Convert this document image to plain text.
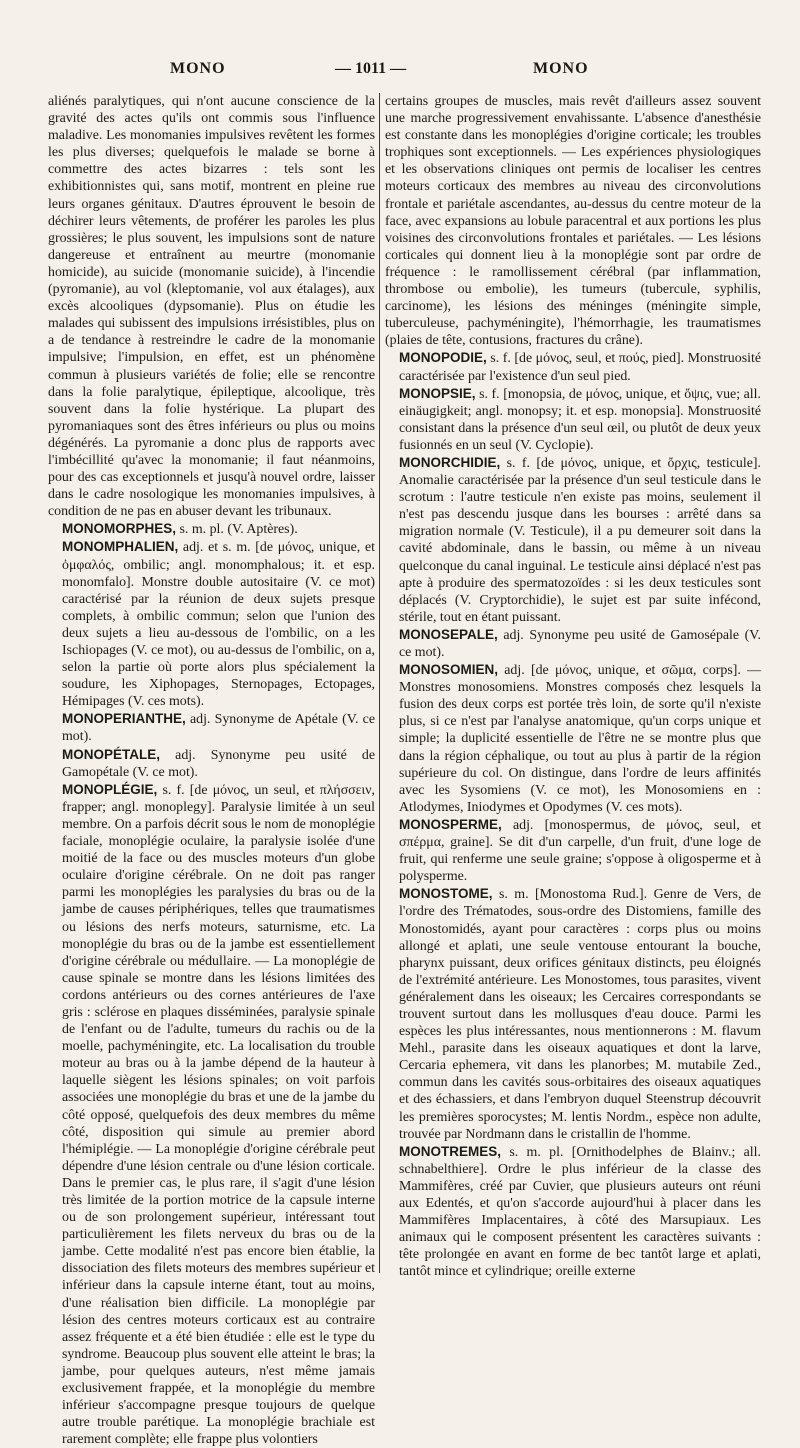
MONO	— 1011 —	MONO

aliénés paralytiques, qui n'ont aucune conscience de la gravité des actes qu'ils ont commis sous l'influence maladive. Les monomanies impulsives revêtent les formes les plus diverses; quelquefois le malade se borne à commettre des actes bizarres : tels sont les exhibitionnistes qui, sans motif, montrent en pleine rue leurs organes génitaux. D'autres éprouvent le besoin de déchirer leurs vêtements, de proférer les paroles les plus grossières; le plus souvent, les impulsions sont de nature dangereuse et entraînent au meurtre (monomanie homicide), au suicide (monomanie suicide), à l'incendie (pyromanie), au vol (kleptomanie, vol aux étalages), aux excès alcooliques (dypsomanie). Plus on étudie les malades qui subissent des impulsions irrésistibles, plus on a de tendance à restreindre le cadre de la monomanie impulsive; l'impulsion, en effet, est un phénomène commun à plusieurs variétés de folie; elle se rencontre dans la folie paralytique, épileptique, alcoolique, très souvent dans la folie hystérique. La plupart des pyromaniaques sont des êtres inférieurs ou plus ou moins dégénérés. La pyromanie a donc plus de rapports avec l'imbécillité qu'avec la monomanie; il faut néanmoins, pour des cas exceptionnels et jusqu'à nouvel ordre, laisser dans le cadre nosologique les monomanies impulsives, à condition de ne pas en abuser devant les tribunaux.

MONOMORPHES, s. m. pl. (V. Aptères).

MONOMPHALIEN, adj. et s. m. [de μόνος, unique, et ὀμφαλός, ombilic; angl. monomphalous; it. et esp. monomfalo]. Monstre double autositaire (V. ce mot) caractérisé par la réunion de deux sujets presque complets, à ombilic commun; selon que l'union des deux sujets a lieu au-dessous de l'ombilic, on a les Ischiopages (V. ce mot), ou au-dessus de l'ombilic, on a, selon la partie où porte alors plus spécialement la soudure, les Xiphopages, Sternopages, Ectopages, Hémipages (V. ces mots).

MONOPERIANTHE, adj. Synonyme de Apétale (V. ce mot).

MONOPÉTALE, adj. Synonyme peu usité de Gamopétale (V. ce mot).

MONOPLÉGIE, s. f. [de μόνος, un seul, et πλήσσειν, frapper; angl. monoplegy]. Paralysie limitée à un seul membre. On a parfois décrit sous le nom de monoplégie faciale, monoplégie oculaire, la paralysie isolée d'une moitié de la face ou des muscles moteurs d'un globe oculaire d'origine cérébrale. On ne doit pas ranger parmi les monoplégies les paralysies du bras ou de la jambe de causes périphériques, telles que traumatismes ou lésions des nerfs moteurs, saturnisme, etc. La monoplégie du bras ou de la jambe est essentiellement d'origine cérébrale ou médullaire. — La monoplégie de cause spinale se montre dans les lésions limitées des cordons antérieurs ou des cornes antérieures de l'axe gris : sclérose en plaques disséminées, paralysie spinale de l'enfant ou de l'adulte, tumeurs du rachis ou de la moelle, pachyméningite, etc. La localisation du trouble moteur au bras ou à la jambe dépend de la hauteur à laquelle siègent les lésions spinales; on voit parfois associées une monoplégie du bras et une de la jambe du côté opposé, quelquefois des deux membres du même côté, disposition qui simule au premier abord l'hémiplégie. — La monoplégie d'origine cérébrale peut dépendre d'une lésion centrale ou d'une lésion corticale. Dans le premier cas, le plus rare, il s'agit d'une lésion très limitée de la portion motrice de la capsule interne ou de son prolongement supérieur, intéressant tout particulièrement les filets nerveux du bras ou de la jambe. Cette modalité n'est pas encore bien établie, la dissociation des filets moteurs des membres supérieur et inférieur dans la capsule interne étant, tout au moins, d'une réalisation bien difficile. La monoplégie par lésion des centres moteurs corticaux est au contraire assez fréquente et a été bien étudiée : elle est le type du syndrome. Beaucoup plus souvent elle atteint le bras; la jambe, pour quelques auteurs, n'est même jamais exclusivement frappée, et la monoplégie du membre inférieur s'accompagne presque toujours de quelque autre trouble parétique. La monoplégie brachiale est rarement complète; elle frappe plus volontiers

certains groupes de muscles, mais revêt d'ailleurs assez souvent une marche progressivement envahissante. L'absence d'anesthésie est constante dans les monoplégies d'origine corticale; les troubles trophiques sont exceptionnels. — Les expériences physiologiques et les observations cliniques ont permis de localiser les centres moteurs corticaux des membres au niveau des circonvolutions frontale et pariétale ascendantes, au-dessus du centre moteur de la face, avec expansions au lobule paracentral et aux portions les plus voisines des circonvolutions frontales et pariétales. — Les lésions corticales qui donnent lieu à la monoplégie sont par ordre de fréquence : le ramollissement cérébral (par inflammation, thrombose ou embolie), les tumeurs (tubercule, syphilis, carcinome), les lésions des méninges (méningite simple, tuberculeuse, pachyméningite), l'hémorrhagie, les traumatismes (plaies de tête, contusions, fractures du crâne).

MONOPODIE, s. f. [de μόνος, seul, et πούς, pied]. Monstruosité caractérisée par l'existence d'un seul pied.

MONOPSIE, s. f. [monopsia, de μόνος, unique, et ὄψις, vue; all. einäugigkeit; angl. monopsy; it. et esp. monopsia]. Monstruosité consistant dans la présence d'un seul œil, ou plutôt de deux yeux fusionnés en un seul (V. Cyclopie).

MONORCHIDIE, s. f. [de μόνος, unique, et ὄρχις, testicule]. Anomalie caractérisée par la présence d'un seul testicule dans le scrotum : l'autre testicule n'en existe pas moins, seulement il n'est pas descendu jusque dans les bourses : arrêté dans sa migration normale (V. Testicule), il a pu demeurer soit dans la cavité abdominale, dans le bassin, ou même à un niveau quelconque du canal inguinal. Le testicule ainsi déplacé n'est pas apte à produire des spermatozoïdes : si les deux testicules sont déplacés (V. Cryptorchidie), le sujet est par suite infécond, stérile, tout en étant puissant.

MONOSEPALE, adj. Synonyme peu usité de Gamosépale (V. ce mot).

MONOSOMIEN, adj. [de μόνος, unique, et σῶμα, corps]. —Monstres monosomiens. Monstres composés chez lesquels la fusion des deux corps est portée très loin, de sorte qu'il n'existe plus, si ce n'est par l'analyse anatomique, qu'un corps unique et simple; la duplicité essentielle de l'être ne se montre plus que dans la région céphalique, ou tout au plus à partir de la région supérieure du col. On distingue, dans l'ordre de leurs affinités avec les Sysomiens (V. ce mot), les Monosomiens en : Atlodymes, Iniodymes et Opodymes (V. ces mots).

MONOSPERME, adj. [monospermus, de μόνος, seul, et σπέρμα, graine]. Se dit d'un carpelle, d'un fruit, d'une loge de fruit, qui renferme une seule graine; s'oppose à oligosperme et à polysperme.

MONOSTOME, s. m. [Monostoma Rud.]. Genre de Vers, de l'ordre des Trématodes, sous-ordre des Distomiens, famille des Monostomidés, ayant pour caractères : corps plus ou moins allongé et aplati, une seule ventouse entourant la bouche, pharynx puissant, deux orifices génitaux distincts, peu éloignés de l'extrémité antérieure. Les Monostomes, tous parasites, vivent généralement dans les oiseaux; les Cercaires correspondants se trouvent surtout dans les mollusques d'eau douce. Parmi les espèces les plus intéressantes, nous mentionnerons : M. flavum Mehl., parasite dans les oiseaux aquatiques et dont la larve, Cercaria ephemera, vit dans les planorbes; M. mutabile Zed., commun dans les cavités sous-orbitaires des oiseaux aquatiques et des échassiers, et dans l'embryon duquel Steenstrup découvrit les premières sporocystes; M. lentis Nordm., espèce non adulte, trouvée par Nordmann dans le cristallin de l'homme.

MONOTREMES, s. m. pl. [Ornithodelphes de Blainv.; all. schnabelthiere]. Ordre le plus inférieur de la classe des Mammifères, créé par Cuvier, que plusieurs auteurs ont réuni aux Edentés, et qu'on s'accorde aujourd'hui à placer dans les Mammifères Implacentaires, à côté des Marsupiaux. Les animaux qui le composent présentent les caractères suivants : tête prolongée en avant en forme de bec tantôt large et aplati, tantôt mince et cylindrique; oreille externe
